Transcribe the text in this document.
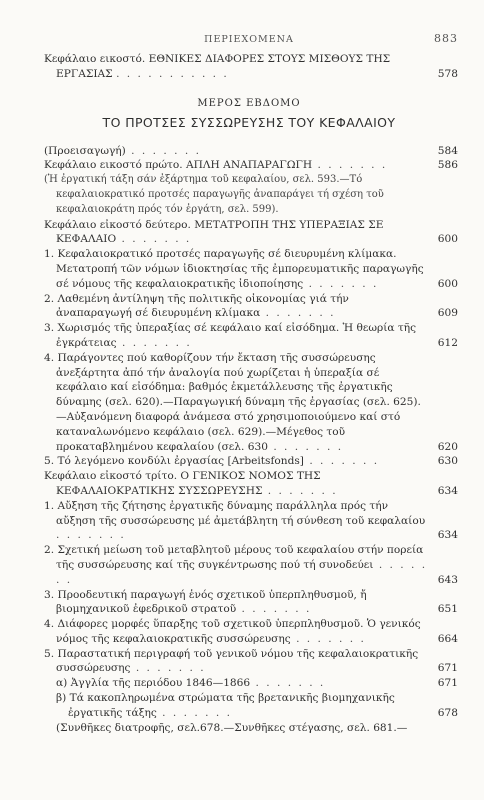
ΠΕΡΙΕΧΟΜΕΝΑ	883
Κεφάλαιο εικοστό. ΕΘΝΙΚΕΣ ΔΙΑΦΟΡΕΣ ΣΤΟΥΣ ΜΙΣΘΟΥΣ ΤΗΣ ΕΡΓΑΣΙΑΣ . . . . . . . . . . .	578
ΜΕΡΟΣ ΕΒΔΟΜΟ
ΤΟ ΠΡΟΤΣΕΣ ΣΥΣΣΩΡΕΥΣΗΣ ΤΟΥ ΚΕΦΑΛΑΙΟΥ
(Προεισαγωγή) . . . . . . .	584
Κεφάλαιο εικοστό πρώτο. ΑΠΛΗ ΑΝΑΠΑΡΑΓΩΓΗ . . . . . . .	586
(Ἡ ἐργατική τάξη σάν ἐξάρτημα τοῦ κεφαλαίου, σελ. 593.—Τό κεφαλαιοκρατικό προτσές παραγωγῆς ἀναπαράγει τή σχέση τοῦ κεφαλαιοκράτη πρός τόν ἐργάτη, σελ. 599).
Κεφάλαιο εἰκοστό δεύτερο. ΜΕΤΑΤΡΟΠΗ ΤΗΣ ΥΠΕΡΑΞΙΑΣ ΣΕ ΚΕΦΑΛΑΙΟ . . . . . . .	600
1. Κεφαλαιοκρατικό προτσές παραγωγῆς σέ διευρυμένη κλίμακα. Μετατροπή τῶν νόμων ἰδιοκτησίας τῆς ἐμπορευματικῆς παραγωγῆς σέ νόμους τῆς κεφαλαιοκρατικῆς ἰδιοποίησης . . . . . . .	600
2. Λαθεμένη ἀντίληψη τῆς πολιτικῆς οἰκονομίας γιά τήν ἀναπαραγωγή σέ διευρυμένη κλίμακα . . . . . . .	609
3. Χωρισμός τῆς ὑπεραξίας σέ κεφάλαιο καί εἰσόδημα. Ἡ θεωρία τῆς ἐγκράτειας . . . . . . .	612
4. Παράγοντες πού καθορίζουν τήν ἔκταση τῆς συσσώρευσης ἀνεξάρτητα ἀπό τήν ἀναλογία πού χωρίζεται ἡ ὑπεραξία σέ κεφάλαιο καί εἰσόδημα: βαθμός ἐκμετάλλευσης τῆς ἐργατικῆς δύναμης (σελ. 620).—Παραγωγική δύναμη τῆς ἐργασίας (σελ. 625).—Αὐξανόμενη διαφορά ἀνάμεσα στό χρησιμοποιούμενο καί στό καταναλωνόμενο κεφάλαιο (σελ. 629).—Μέγεθος τοῦ προκαταβλημένου κεφαλαίου (σελ. 630 . . . . . . .	620
5. Τό λεγόμενο κονδύλι ἐργασίας [Arbeitsfonds] . . . . . . .	630
Κεφάλαιο εἰκοστό τρίτο. Ο ΓΕΝΙΚΟΣ ΝΟΜΟΣ ΤΗΣ ΚΕΦΑΛΑΙΟΚΡΑΤΙΚΗΣ ΣΥΣΣΩΡΕΥΣΗΣ . . . . . . .	634
1. Αὔξηση τῆς ζήτησης ἐργατικῆς δύναμης παράλληλα πρός τήν αὔξηση τῆς συσσώρευσης μέ ἀμετάβλητη τή σύνθεση τοῦ κεφαλαίου . . . . . . .	634
2. Σχετική μείωση τοῦ μεταβλητοῦ μέρους τοῦ κεφαλαίου στήν πορεία τῆς συσσώρευσης καί τῆς συγκέντρωσης πού τή συνοδεύει . . . . . . .	643
3. Προοδευτική παραγωγή ἑνός σχετικοῦ ὑπερπληθυσμοῦ, ἤ βιομηχανικοῦ ἐφεδρικοῦ στρατοῦ . . . . . . .	651
4. Διάφορες μορφές ὕπαρξης τοῦ σχετικοῦ ὑπερπληθυσμοῦ. Ὁ γενικός νόμος τῆς κεφαλαιοκρατικῆς συσσώρευσης . . . . . . .	664
5. Παραστατική περιγραφή τοῦ γενικοῦ νόμου τῆς κεφαλαιοκρατικῆς συσσώρευσης . . . . . . .	671
α) Ἀγγλία τῆς περιόδου 1846—1866 . . . . . . .	671
β) Τά κακοπληρωμένα στρώματα τῆς βρετανικῆς βιομηχανικῆς ἐργατικῆς τάξης . . . . . . .	678
(Συνθῆκες διατροφῆς, σελ.678.—Συνθῆκες στέγασης, σελ. 681.—
